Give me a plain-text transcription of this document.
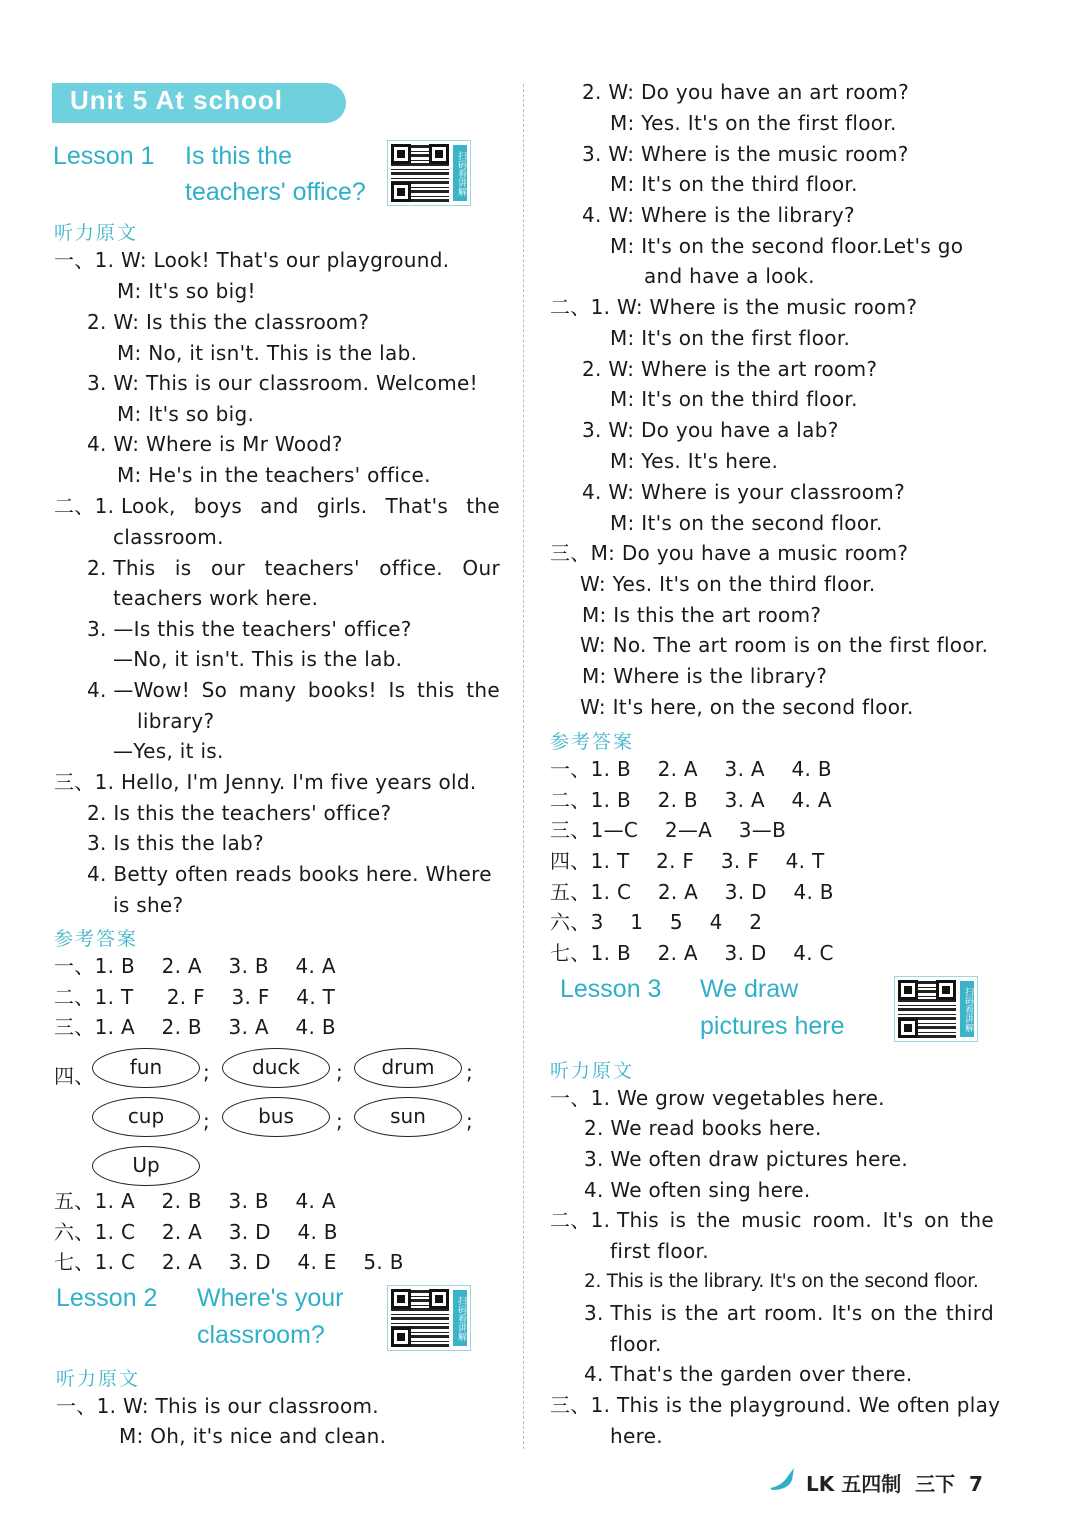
Unit 5 At school
Lesson 1 Is this the
teachers' office?	扫码看讲解
听力原文
一、1. W: Look! That's our playground.
M: It's so big!
2. W: Is this the classroom?
M: No, it isn't. This is the lab.
3. W: This is our classroom. Welcome!
M: It's so big.
4. W: Where is Mr Wood?
M: He's in the teachers' office.
二、1. Look, boys and girls. That's the
classroom.
2. This is our teachers' office. Our
teachers work here.
3. —Is this the teachers' office?
—No, it isn't. This is the lab.
4. —Wow! So many books! Is this the
library?
—Yes, it is.
三、1. Hello, I'm Jenny. I'm five years old.
2. Is this the teachers' office?
3. Is this the lab?
4. Betty often reads books here. Where
is she?
参考答案
一、1. B    2. A    3. B    4. A
二、1. T     2. F    3. F    4. T
三、1. A    2. B    3. A    4. B
四、	fun	;	duck	;	drum	;
cup	;	bus	;	sun	;
Up
五、1. A    2. B    3. B    4. A
六、1. C    2. A    3. D    4. B
七、1. C    2. A    3. D    4. E    5. B
Lesson 2 Where's your
classroom?	扫码看讲解
听力原文
一、1. W: This is our classroom.
M: Oh, it's nice and clean.
2. W: Do you have an art room?
M: Yes. It's on the first floor.
3. W: Where is the music room?
M: It's on the third floor.
4. W: Where is the library?
M: It's on the second floor.Let's go
and have a look.
二、1. W: Where is the music room?
M: It's on the first floor.
2. W: Where is the art room?
M: It's on the third floor.
3. W: Do you have a lab?
M: Yes. It's here.
4. W: Where is your classroom?
M: It's on the second floor.
三、M: Do you have a music room?
W: Yes. It's on the third floor.
M: Is this the art room?
W: No. The art room is on the first floor.
M: Where is the library?
W: It's here, on the second floor.
参考答案
一、1. B    2. A    3. A    4. B
二、1. B    2. B    3. A    4. A
三、1—C    2—A    3—B
四、1. T    2. F    3. F    4. T
五、1. C    2. A    3. D    4. B
六、3    1    5    4    2
七、1. B    2. A    3. D    4. C
Lesson 3 We draw
pictures here	扫码看讲解
听力原文
一、1. We grow vegetables here.
2. We read books here.
3. We often draw pictures here.
4. We often sing here.
二、1. This is the music room. It's on the
first floor.
2. This is the library. It's on the second floor.
3. This is the art room. It's on the third
floor.
4. That's the garden over there.
三、1. This is the playground. We often play
here.
LK 五四制  三下  7
